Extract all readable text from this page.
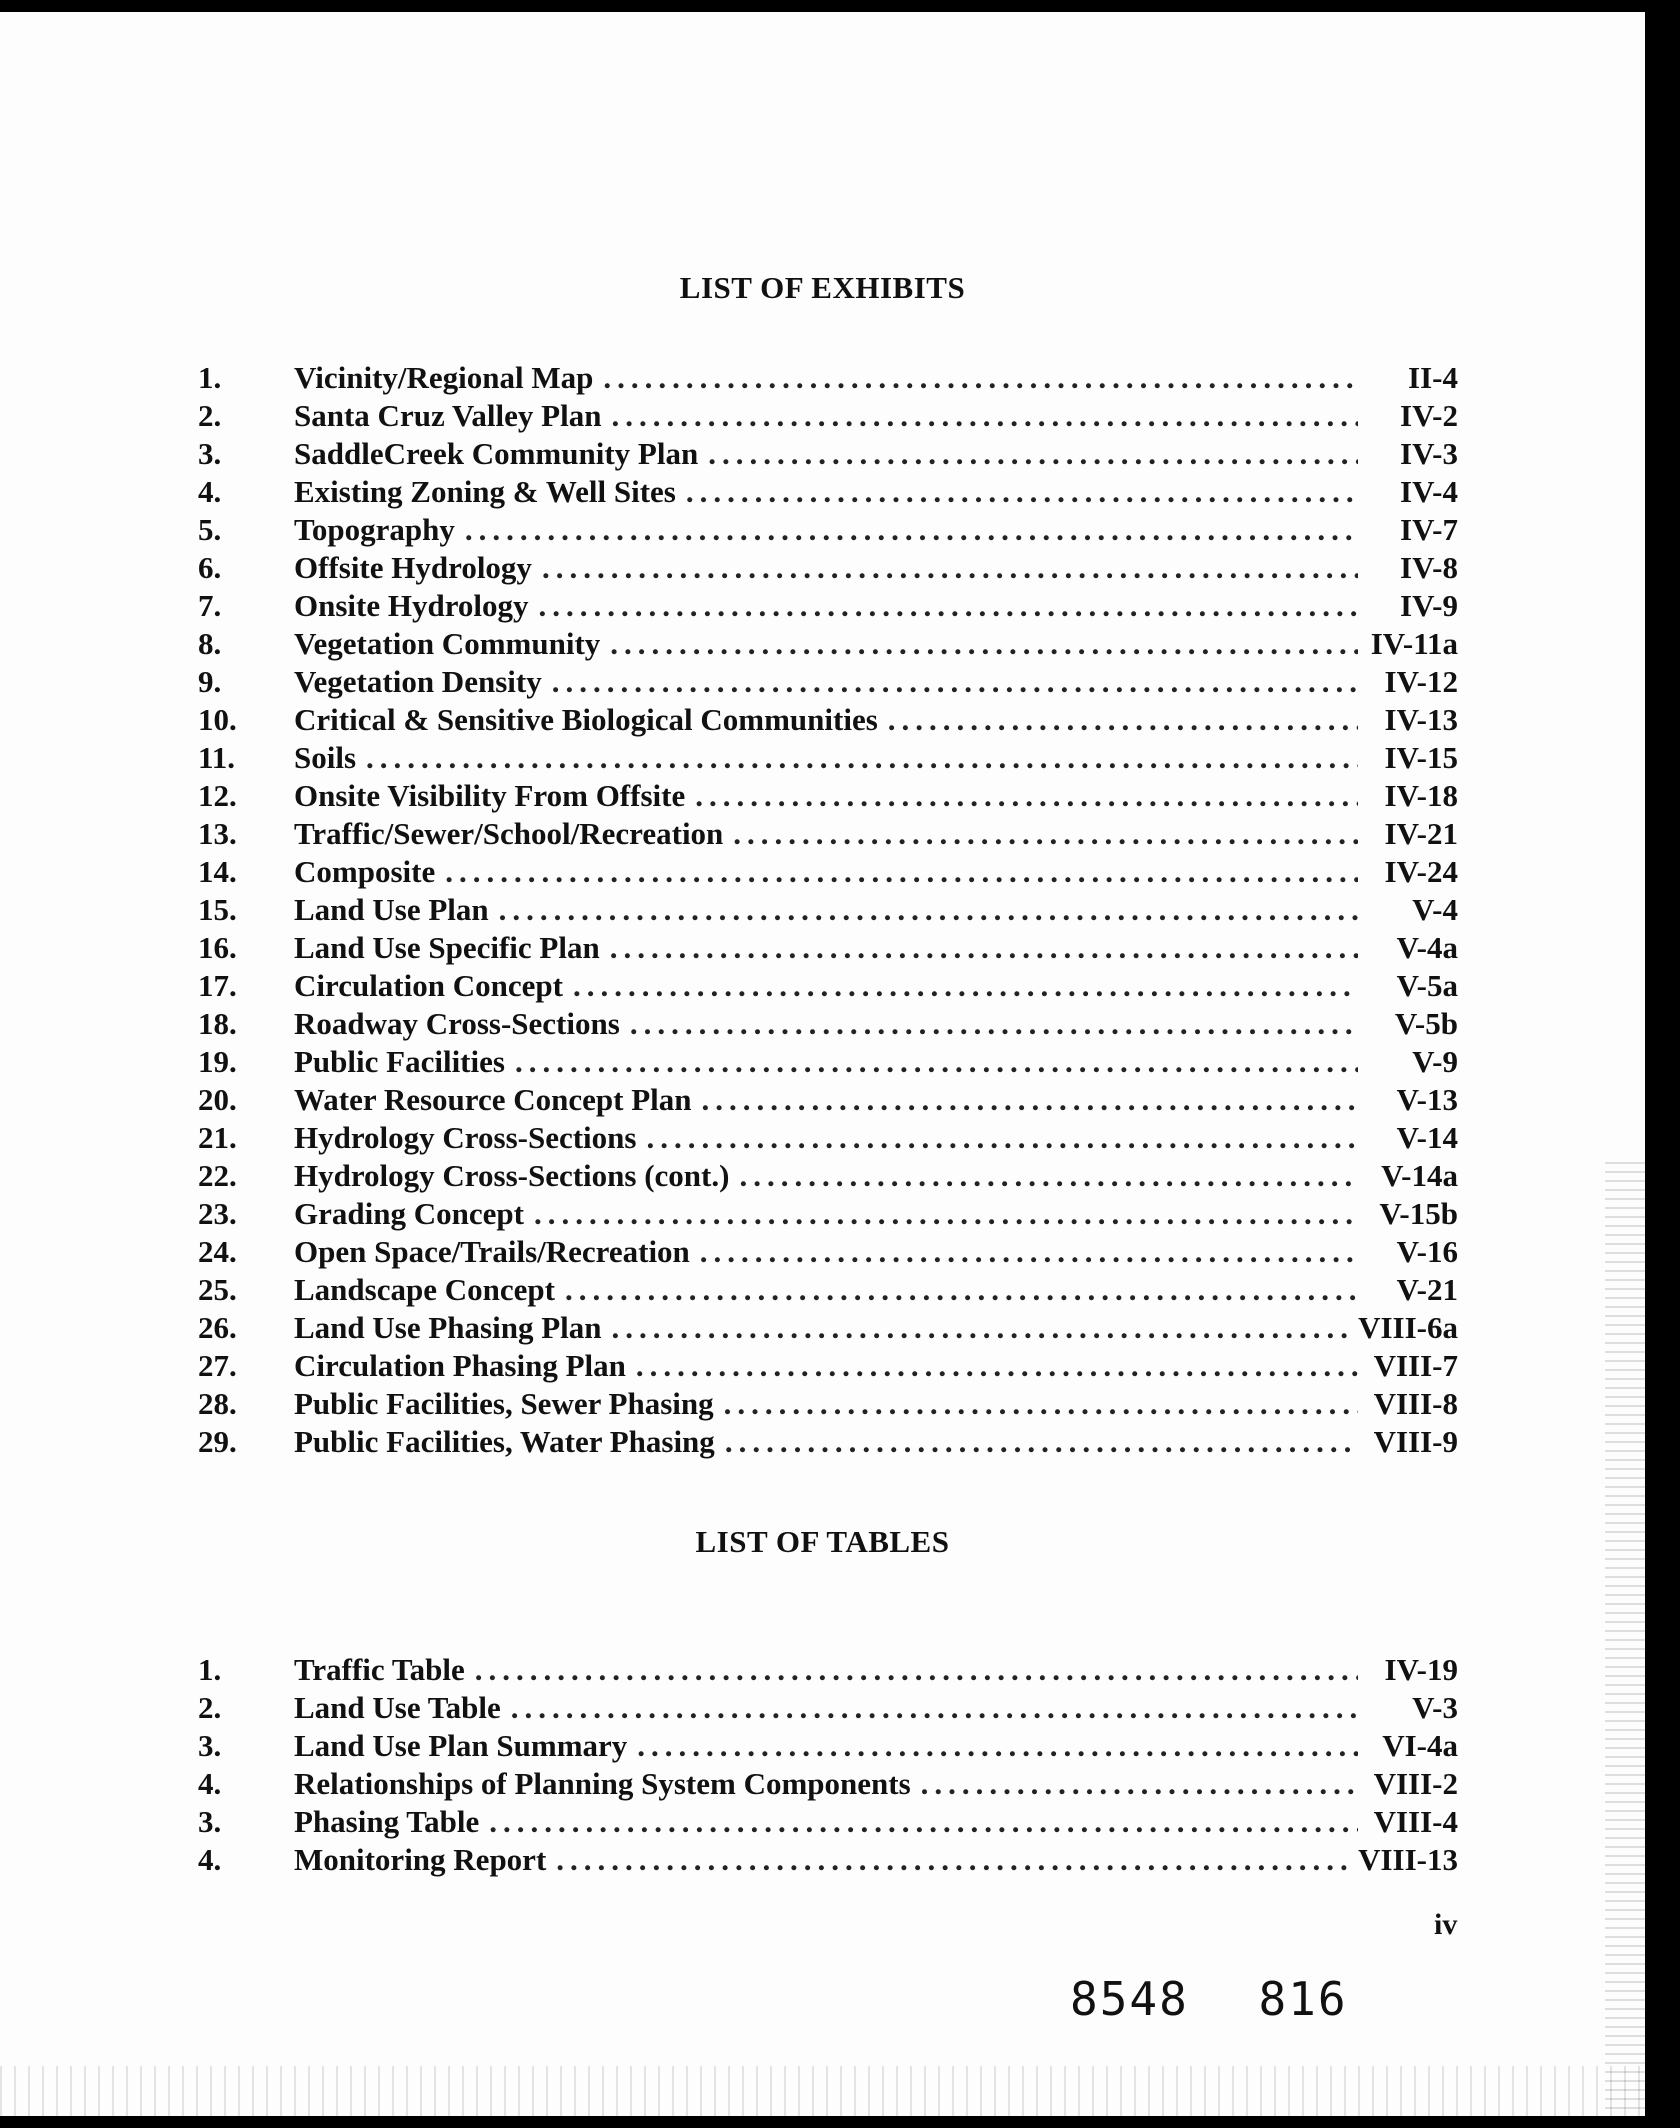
LIST OF EXHIBITS
1.	Vicinity/Regional Map .....	II-4
2.	Santa Cruz Valley Plan .....	IV-2
3.	SaddleCreek Community Plan .....	IV-3
4.	Existing Zoning & Well Sites .....	IV-4
5.	Topography .....	IV-7
6.	Offsite Hydrology .....	IV-8
7.	Onsite Hydrology .....	IV-9
8.	Vegetation Community .....	IV-11a
9.	Vegetation Density .....	IV-12
10.	Critical & Sensitive Biological Communities .....	IV-13
11.	Soils .....	IV-15
12.	Onsite Visibility From Offsite .....	IV-18
13.	Traffic/Sewer/School/Recreation .....	IV-21
14.	Composite .....	IV-24
15.	Land Use Plan .....	V-4
16.	Land Use Specific Plan .....	V-4a
17.	Circulation Concept .....	V-5a
18.	Roadway Cross-Sections .....	V-5b
19.	Public Facilities .....	V-9
20.	Water Resource Concept Plan .....	V-13
21.	Hydrology Cross-Sections .....	V-14
22.	Hydrology Cross-Sections (cont.) .....	V-14a
23.	Grading Concept .....	V-15b
24.	Open Space/Trails/Recreation .....	V-16
25.	Landscape Concept .....	V-21
26.	Land Use Phasing Plan .....	VIII-6a
27.	Circulation Phasing Plan .....	VIII-7
28.	Public Facilities, Sewer Phasing .....	VIII-8
29.	Public Facilities, Water Phasing .....	VIII-9
LIST OF TABLES
1.	Traffic Table .....	IV-19
2.	Land Use Table .....	V-3
3.	Land Use Plan Summary .....	VI-4a
4.	Relationships of Planning System Components .....	VIII-2
3.	Phasing Table .....	VIII-4
4.	Monitoring Report .....	VIII-13
iv
8548 816
